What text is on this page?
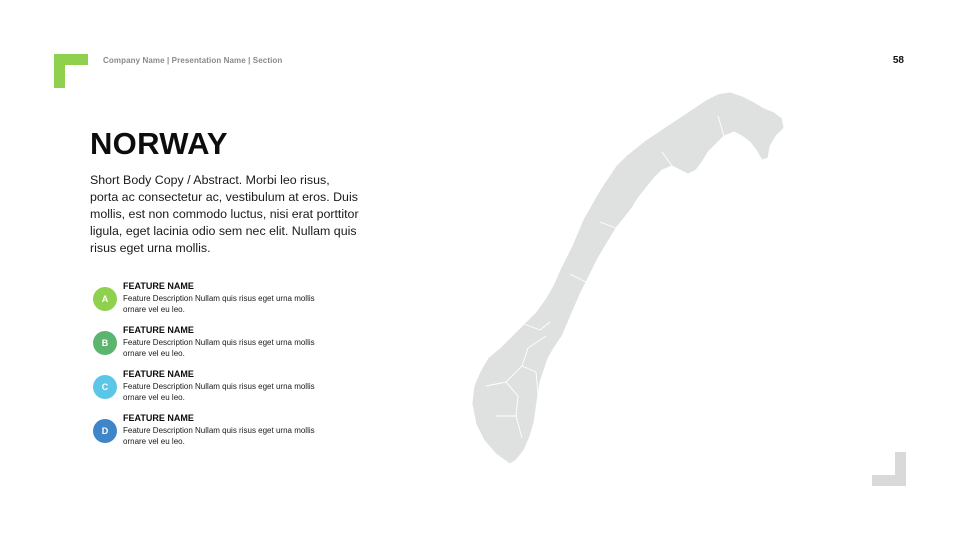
Company Name | Presentation Name | Section	58
NORWAY

Short Body Copy / Abstract. Morbi leo risus, porta ac consectetur ac, vestibulum at eros. Duis mollis, est non commodo luctus, nisi erat porttitor ligula, eget lacinia odio sem nec elit. Nullam quis risus eget urna mollis.

A
FEATURE NAME
Feature Description Nullam quis risus eget urna mollis ornare vel eu leo.
B
FEATURE NAME
Feature Description Nullam quis risus eget urna mollis ornare vel eu leo.
C
FEATURE NAME
Feature Description Nullam quis risus eget urna mollis ornare vel eu leo.
D
FEATURE NAME
Feature Description Nullam quis risus eget urna mollis ornare vel eu leo.
